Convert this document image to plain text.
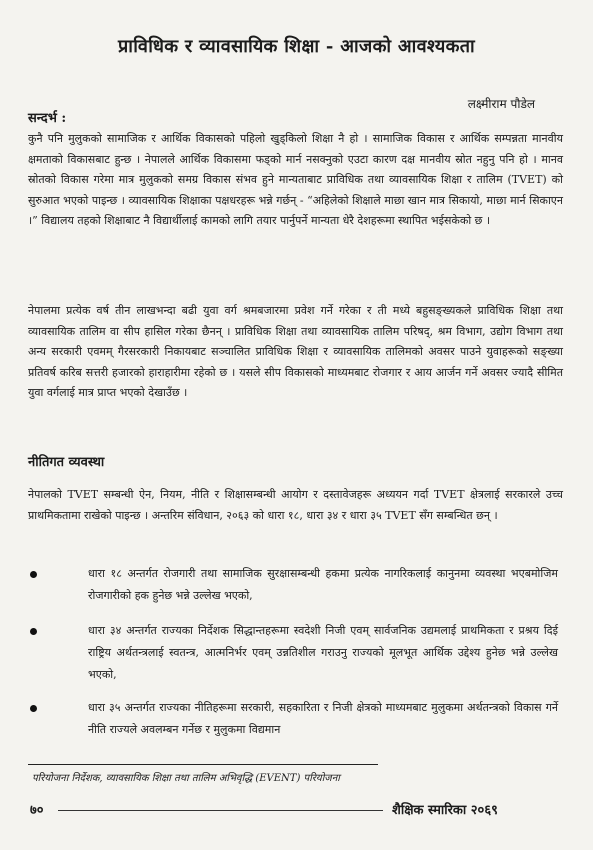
प्राविधिक र व्यावसायिक शिक्षा - आजको आवश्यकता
लक्ष्मीराम पौडेल
सन्दर्भ :

कुनै पनि मुलुकको सामाजिक र आर्थिक विकासको पहिलो खुड्किलो शिक्षा नै हो । सामाजिक विकास र आर्थिक सम्पन्नता मानवीय क्षमताको विकासबाट हुन्छ । नेपालले आर्थिक विकासमा फड्को मार्न नसक्नुको एउटा कारण दक्ष मानवीय स्रोत नहुनु पनि हो । मानव स्रोतको विकास गरेमा मात्र मुलुकको समग्र विकास संभव हुने मान्यताबाट प्राविधिक तथा व्यावसायिक शिक्षा र तालिम (TVET) को सुरुआत भएको पाइन्छ । व्यावसायिक शिक्षाका पक्षधरहरू भन्ने गर्छन् - “अहिलेको शिक्षाले माछा खान मात्र सिकायो, माछा मार्न सिकाएन ।” विद्यालय तहको शिक्षाबाट नै विद्यार्थीलाई कामको लागि तयार पार्नुपर्ने मान्यता धेरै देशहरूमा स्थापित भईसकेको छ ।

नेपालमा प्रत्येक वर्ष तीन लाखभन्दा बढी युवा वर्ग श्रमबजारमा प्रवेश गर्ने गरेका र ती मध्ये बहुसङ्ख्यकले प्राविधिक शिक्षा तथा व्यावसायिक तालिम वा सीप हासिल गरेका छैनन् । प्राविधिक शिक्षा तथा व्यावसायिक तालिम परिषद्, श्रम विभाग, उद्योग विभाग तथा अन्य सरकारी एवमम् गैरसरकारी निकायबाट सञ्चालित प्राविधिक शिक्षा र व्यावसायिक तालिमको अवसर पाउने युवाहरूको सङ्ख्या प्रतिवर्ष करिब सत्तरी हजारको हाराहारीमा रहेको छ । यसले सीप विकासको माध्यमबाट रोजगार र आय आर्जन गर्ने अवसर ज्यादै सीमित युवा वर्गलाई मात्र प्राप्त भएको देखाउँछ ।

नीतिगत व्यवस्था

नेपालको TVET सम्बन्धी ऐन, नियम, नीति र शिक्षासम्बन्धी आयोग र दस्तावेजहरू अध्ययन गर्दा TVET क्षेत्रलाई सरकारले उच्च प्राथमिकतामा राखेको पाइन्छ । अन्तरिम संविधान, २०६३ को धारा १८, धारा ३४ र धारा ३५ TVET सँग सम्बन्धित छन् ।

धारा १८ अन्तर्गत रोजगारी तथा सामाजिक सुरक्षासम्बन्धी हकमा प्रत्येक नागरिकलाई कानुनमा व्यवस्था भएबमोजिम रोजगारीको हक हुनेछ भन्ने उल्लेख भएको,

धारा ३४ अन्तर्गत राज्यका निर्देशक सिद्धान्तहरूमा स्वदेशी निजी एवम् सार्वजनिक उद्यमलाई प्राथमिकता र प्रश्रय दिई राष्ट्रिय अर्थतन्त्रलाई स्वतन्त्र, आत्मनिर्भर एवम् उन्नतिशील गराउनु राज्यको मूलभूत आर्थिक उद्देश्य हुनेछ भन्ने उल्लेख भएको,

धारा ३५ अन्तर्गत राज्यका नीतिहरूमा सरकारी, सहकारिता र निजी क्षेत्रको माध्यमबाट मुलुकमा अर्थतन्त्रको विकास गर्ने नीति राज्यले अवलम्बन गर्नेछ र मुलुकमा विद्यमान

परियोजना निर्देशक, व्यावसायिक शिक्षा तथा तालिम अभिवृद्धि (EVENT) परियोजना
७०	शैक्षिक स्मारिका २०६९
